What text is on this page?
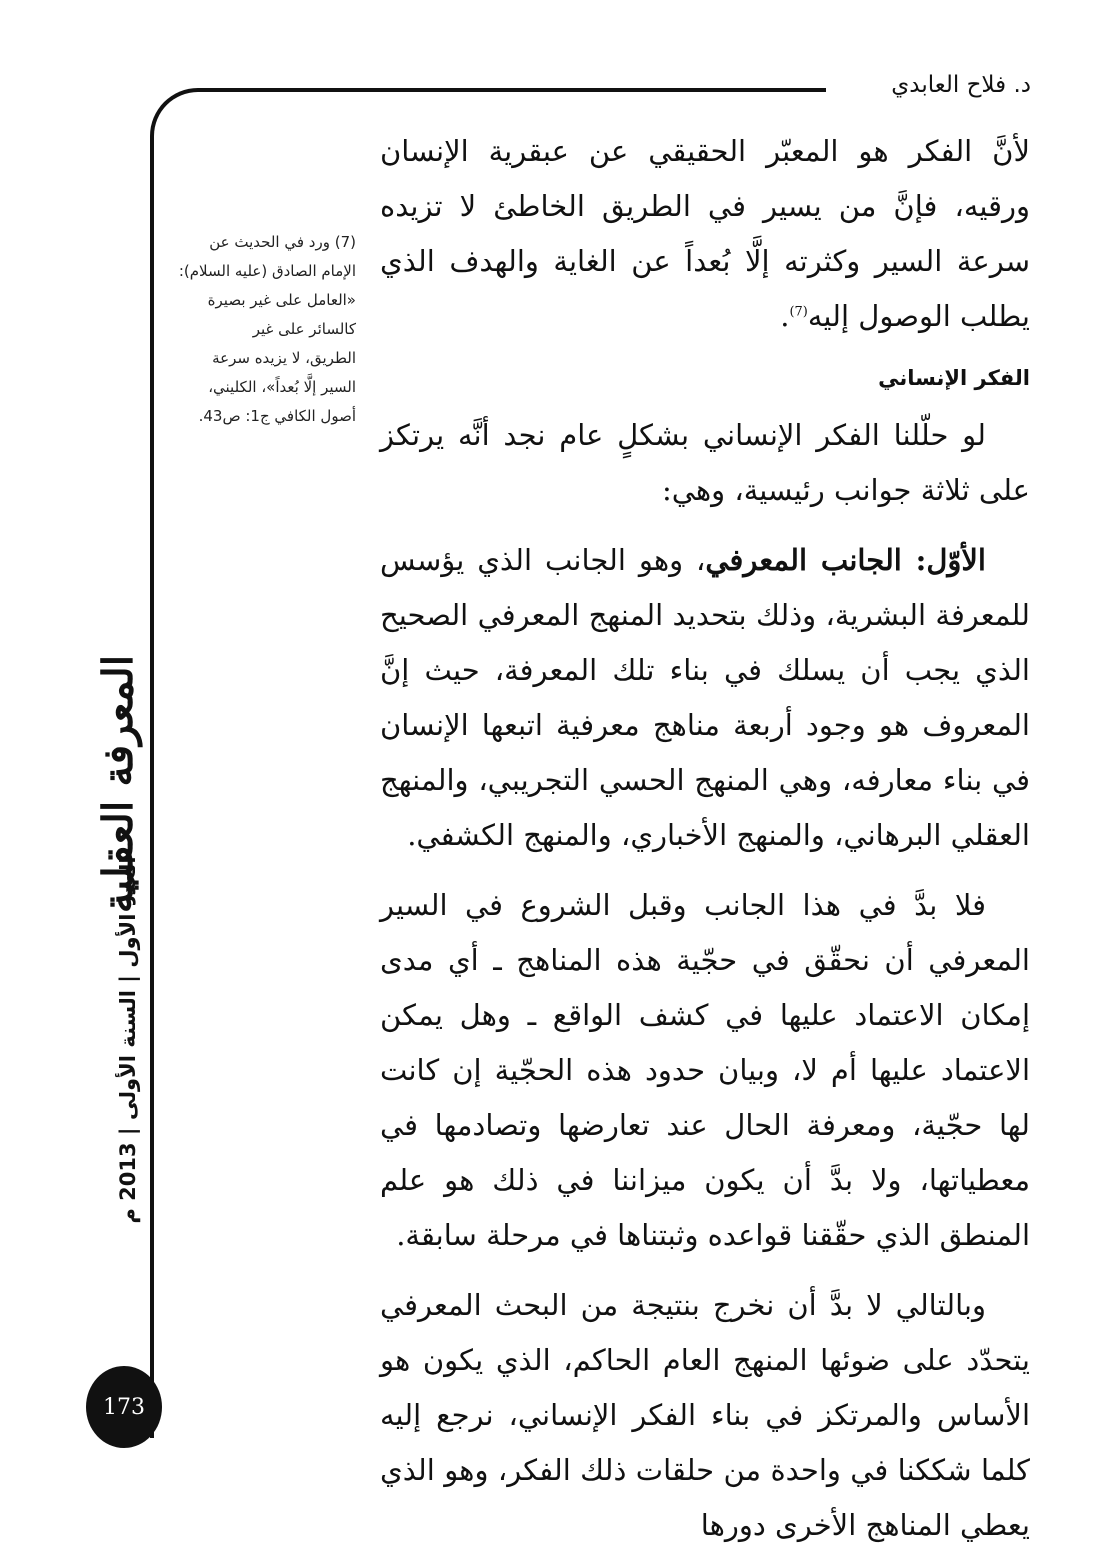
د. فلاح العابدي
المعرفة العقلية
العدد الأول | السنة الأولى | 2013 م
(7) ورد في الحديث عن
الإمام الصادق (عليه السلام):
«العامل على غير بصيرة
كالسائر على غير
الطريق، لا يزيده سرعة
السير إلَّا بُعداً»، الكليني،
أصول الكافي ج1: ص43.

لأنَّ الفكر هو المعبّر الحقيقي عن عبقرية الإنسان ورقيه، فإنَّ من يسير في الطريق الخاطئ لا تزيده سرعة السير وكثرته إلَّا بُعداً عن الغاية والهدف الذي يطلب الوصول إليه$^{(7)}$.

الفكر الإنساني

لو حلّلنا الفكر الإنساني بشكلٍ عام نجد أنَّه يرتكز على ثلاثة جوانب رئيسية، وهي:

الأوّل: الجانب المعرفي، وهو الجانب الذي يؤسس للمعرفة البشرية، وذلك بتحديد المنهج المعرفي الصحيح الذي يجب أن يسلك في بناء تلك المعرفة، حيث إنَّ المعروف هو وجود أربعة مناهج معرفية اتبعها الإنسان في بناء معارفه، وهي المنهج الحسي التجريبي، والمنهج العقلي البرهاني، والمنهج الأخباري، والمنهج الكشفي.

فلا بدَّ في هذا الجانب وقبل الشروع في السير المعرفي أن نحقّق في حجّية هذه المناهج ـ أي مدى إمكان الاعتماد عليها في كشف الواقع ـ وهل يمكن الاعتماد عليها أم لا، وبيان حدود هذه الحجّية إن كانت لها حجّية، ومعرفة الحال عند تعارضها وتصادمها في معطياتها، ولا بدَّ أن يكون ميزاننا في ذلك هو علم المنطق الذي حقّقنا قواعده وثبتناها في مرحلة سابقة.

وبالتالي لا بدَّ أن نخرج بنتيجة من البحث المعرفي يتحدّد على ضوئها المنهج العام الحاكم، الذي يكون هو الأساس والمرتكز في بناء الفكر الإنساني، نرجع إليه كلما شككنا في واحدة من حلقات ذلك الفكر، وهو الذي يعطي المناهج الأخرى دورها

173
